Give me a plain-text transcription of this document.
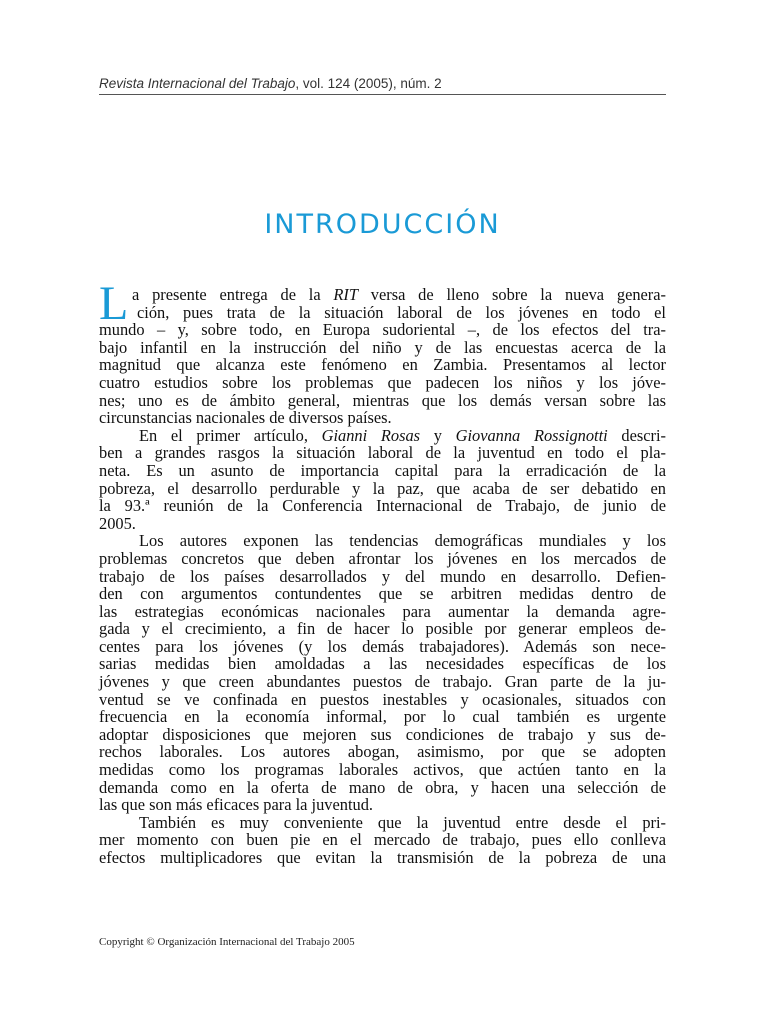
Revista Internacional del Trabajo, vol. 124 (2005), núm. 2
INTRODUCCIÓN
L a presente entrega de la RIT versa de lleno sobre la nueva genera-
ción, pues trata de la situación laboral de los jóvenes en todo el
mundo – y, sobre todo, en Europa sudoriental –, de los efectos del tra-
bajo infantil en la instrucción del niño y de las encuestas acerca de la
magnitud que alcanza este fenómeno en Zambia. Presentamos al lector
cuatro estudios sobre los problemas que padecen los niños y los jóve-
nes; uno es de ámbito general, mientras que los demás versan sobre las
circunstancias nacionales de diversos países.
En el primer artículo, Gianni Rosas y Giovanna Rossignotti descri-
ben a grandes rasgos la situación laboral de la juventud en todo el pla-
neta. Es un asunto de importancia capital para la erradicación de la
pobreza, el desarrollo perdurable y la paz, que acaba de ser debatido en
la 93.ª reunión de la Conferencia Internacional de Trabajo, de junio de
2005.
Los autores exponen las tendencias demográficas mundiales y los
problemas concretos que deben afrontar los jóvenes en los mercados de
trabajo de los países desarrollados y del mundo en desarrollo. Defien-
den con argumentos contundentes que se arbitren medidas dentro de
las estrategias económicas nacionales para aumentar la demanda agre-
gada y el crecimiento, a fin de hacer lo posible por generar empleos de-
centes para los jóvenes (y los demás trabajadores). Además son nece-
sarias medidas bien amoldadas a las necesidades específicas de los
jóvenes y que creen abundantes puestos de trabajo. Gran parte de la ju-
ventud se ve confinada en puestos inestables y ocasionales, situados con
frecuencia en la economía informal, por lo cual también es urgente
adoptar disposiciones que mejoren sus condiciones de trabajo y sus de-
rechos laborales. Los autores abogan, asimismo, por que se adopten
medidas como los programas laborales activos, que actúen tanto en la
demanda como en la oferta de mano de obra, y hacen una selección de
las que son más eficaces para la juventud.
También es muy conveniente que la juventud entre desde el pri-
mer momento con buen pie en el mercado de trabajo, pues ello conlleva
efectos multiplicadores que evitan la transmisión de la pobreza de una
Copyright © Organización Internacional del Trabajo 2005
